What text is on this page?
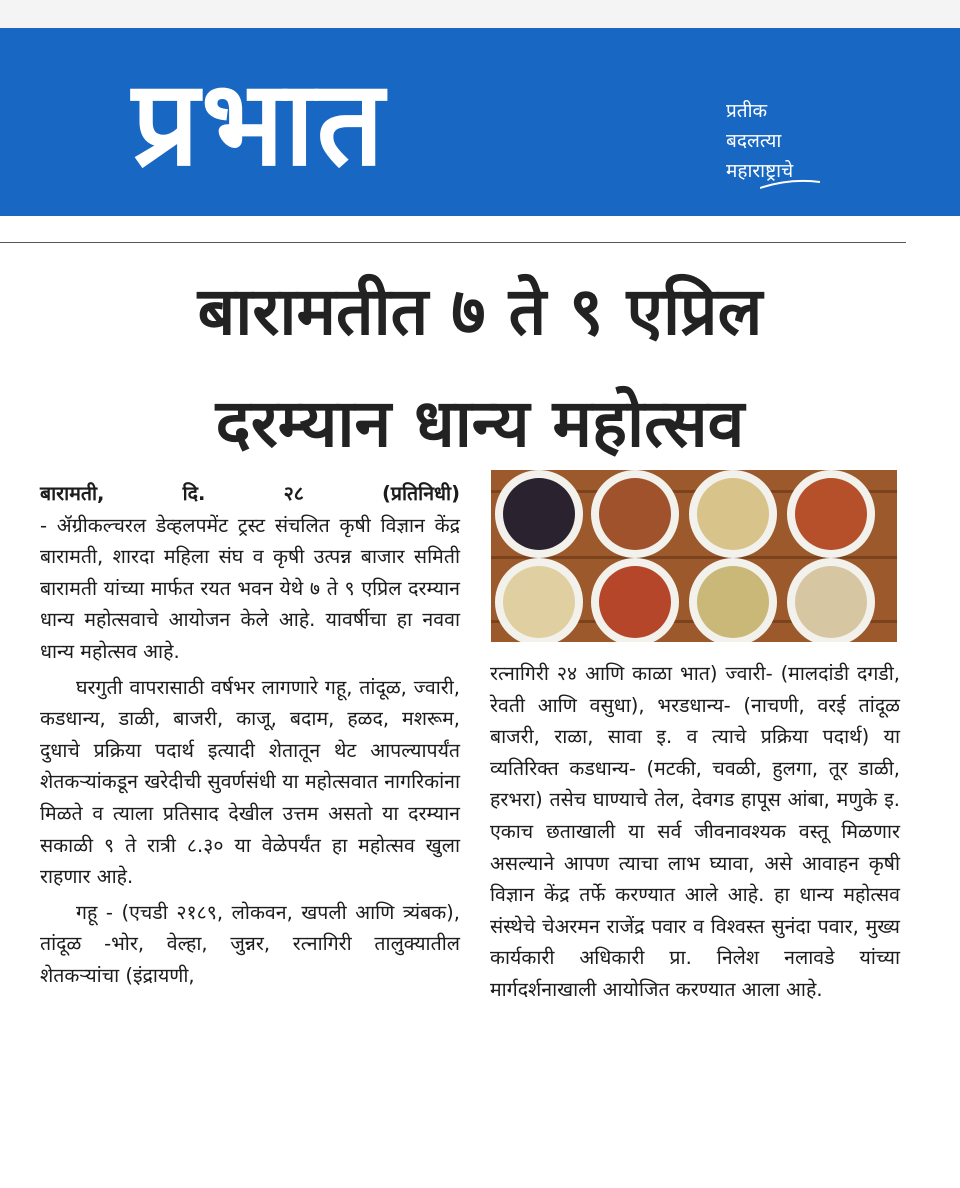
प्रभात	प्रतीक
बदलत्या
महाराष्ट्राचे
www.dainikprabhat.com
बारामतीत ७ ते ९ एप्रिल
दरम्यान धान्य महोत्सव
बारामती,	दि.	२८	(प्रतिनिधी)

- ॲग्रीकल्चरल डेव्हलपमेंट ट्रस्ट संचलित कृषी विज्ञान केंद्र बारामती, शारदा महिला संघ व कृषी उत्पन्न बाजार समिती बारामती यांच्या मार्फत रयत भवन येथे ७ ते ९ एप्रिल दरम्यान धान्य महोत्सवाचे आयोजन केले आहे. यावर्षीचा हा नववा धान्य महोत्सव आहे.

घरगुती वापरासाठी वर्षभर लागणारे गहू, तांदूळ, ज्वारी, कडधान्य, डाळी, बाजरी, काजू, बदाम, हळद, मशरूम, दुधाचे प्रक्रिया पदार्थ इत्यादी शेतातून थेट आपल्यापर्यंत शेतकऱ्यांकडून खरेदीची सुवर्णसंधी या महोत्सवात नागरिकांना मिळते व त्याला प्रतिसाद देखील उत्तम असतो या दरम्यान सकाळी ९ ते रात्री ८.३० या वेळेपर्यंत हा महोत्सव खुला राहणार आहे.

गहू - (एचडी २१८९, लोकवन, खपली आणि त्र्यंबक), तांदूळ -भोर, वेल्हा, जुन्नर, रत्नागिरी तालुक्यातील शेतकऱ्यांचा (इंद्रायणी,

रत्नागिरी २४ आणि काळा भात) ज्वारी- (मालदांडी दगडी, रेवती आणि वसुधा), भरडधान्य- (नाचणी, वरई तांदूळ बाजरी, राळा, सावा इ. व त्याचे प्रक्रिया पदार्थ) या व्यतिरिक्त कडधान्य- (मटकी, चवळी, हुलगा, तूर डाळी, हरभरा) तसेच घाण्याचे तेल, देवगड हापूस आंबा, मणुके इ. एकाच छताखाली या सर्व जीवनावश्यक वस्तू मिळणार असल्याने आपण त्याचा लाभ घ्यावा, असे आवाहन कृषी विज्ञान केंद्र तर्फे करण्यात आले आहे. हा धान्य महोत्सव संस्थेचे चेअरमन राजेंद्र पवार व विश्वस्त सुनंदा पवार, मुख्य कार्यकारी अधिकारी प्रा. निलेश नलावडे यांच्या मार्गदर्शनाखाली आयोजित करण्यात आला आहे.
